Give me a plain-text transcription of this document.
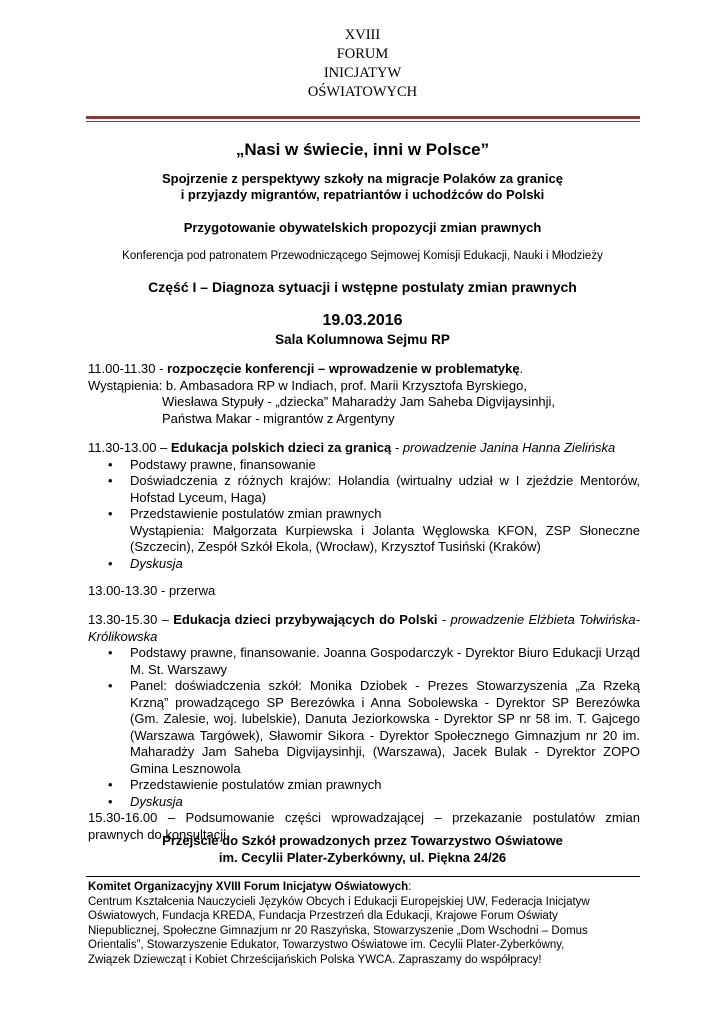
XVIII
FORUM
INICJATYW
OŚWIATOWYCH
„Nasi w świecie, inni w Polsce”
Spojrzenie z perspektywy szkoły na migracje Polaków za granicę
i przyjazdy migrantów, repatriantów i uchodźców do Polski
Przygotowanie obywatelskich propozycji zmian prawnych
Konferencja pod patronatem Przewodniczącego Sejmowej Komisji Edukacji, Nauki i Młodzieży
Część I – Diagnoza sytuacji i wstępne postulaty zmian prawnych
19.03.2016
Sala Kolumnowa Sejmu RP
11.00-11.30 - rozpoczęcie konferencji – wprowadzenie w problematykę.
Wystąpienia: b. Ambasadora RP w Indiach, prof. Marii Krzysztofa Byrskiego,
Wiesława Stypuły - „dziecka” Maharadży Jam Saheba Digvijaysinhji,
Państwa Makar - migrantów z Argentyny
11.30-13.00 – Edukacja polskich dzieci za granicą - prowadzenie Janina Hanna Zielińska
• Podstawy prawne, finansowanie
• Doświadczenia z różnych krajów: Holandia (wirtualny udział w I zjeździe Mentorów, Hofstad Lyceum, Haga)
• Przedstawienie postulatów zmian prawnych
Wystąpienia: Małgorzata Kurpiewska i Jolanta Węglowska KFON, ZSP Słoneczne (Szczecin), Zespół Szkół Ekola, (Wrocław), Krzysztof Tusiński (Kraków)
• Dyskusja
13.00-13.30 - przerwa
13.30-15.30 – Edukacja dzieci przybywających do Polski - prowadzenie Elżbieta Tołwińska-Królikowska
• Podstawy prawne, finansowanie. Joanna Gospodarczyk - Dyrektor Biuro Edukacji Urząd M. St. Warszawy
• Panel: doświadczenia szkół: Monika Dziobek - Prezes Stowarzyszenia „Za Rzeką Krzną” prowadzącego SP Berezówka i Anna Sobolewska - Dyrektor SP Berezówka (Gm. Zalesie, woj. lubelskie), Danuta Jeziorkowska - Dyrektor SP nr 58 im. T. Gajcego (Warszawa Targówek), Sławomir Sikora - Dyrektor Społecznego Gimnazjum nr 20 im. Maharadży Jam Saheba Digvijaysinhji, (Warszawa), Jacek Bulak - Dyrektor ZOPO Gmina Lesznowola
• Przedstawienie postulatów zmian prawnych
• Dyskusja
15.30-16.00 – Podsumowanie części wprowadzającej – przekazanie postulatów zmian prawnych do konsultacji
Przejście do Szkół prowadzonych przez Towarzystwo Oświatowe
im. Cecylii Plater-Zyberkówny, ul. Piękna 24/26
Komitet Organizacyjny XVIII Forum Inicjatyw Oświatowych:
Centrum Kształcenia Nauczycieli Języków Obcych i Edukacji Europejskiej UW, Federacja Inicjatyw
Oświatowych, Fundacja KREDA, Fundacja Przestrzeń dla Edukacji, Krajowe Forum Oświaty
Niepublicznej, Społeczne Gimnazjum nr 20 Raszyńska, Stowarzyszenie „Dom Wschodni – Domus
Orientalis”, Stowarzyszenie Edukator, Towarzystwo Oświatowe im. Cecylii Plater-Zyberkówny,
Związek Dziewcząt i Kobiet Chrześcijańskich Polska YWCA. Zapraszamy do współpracy!
